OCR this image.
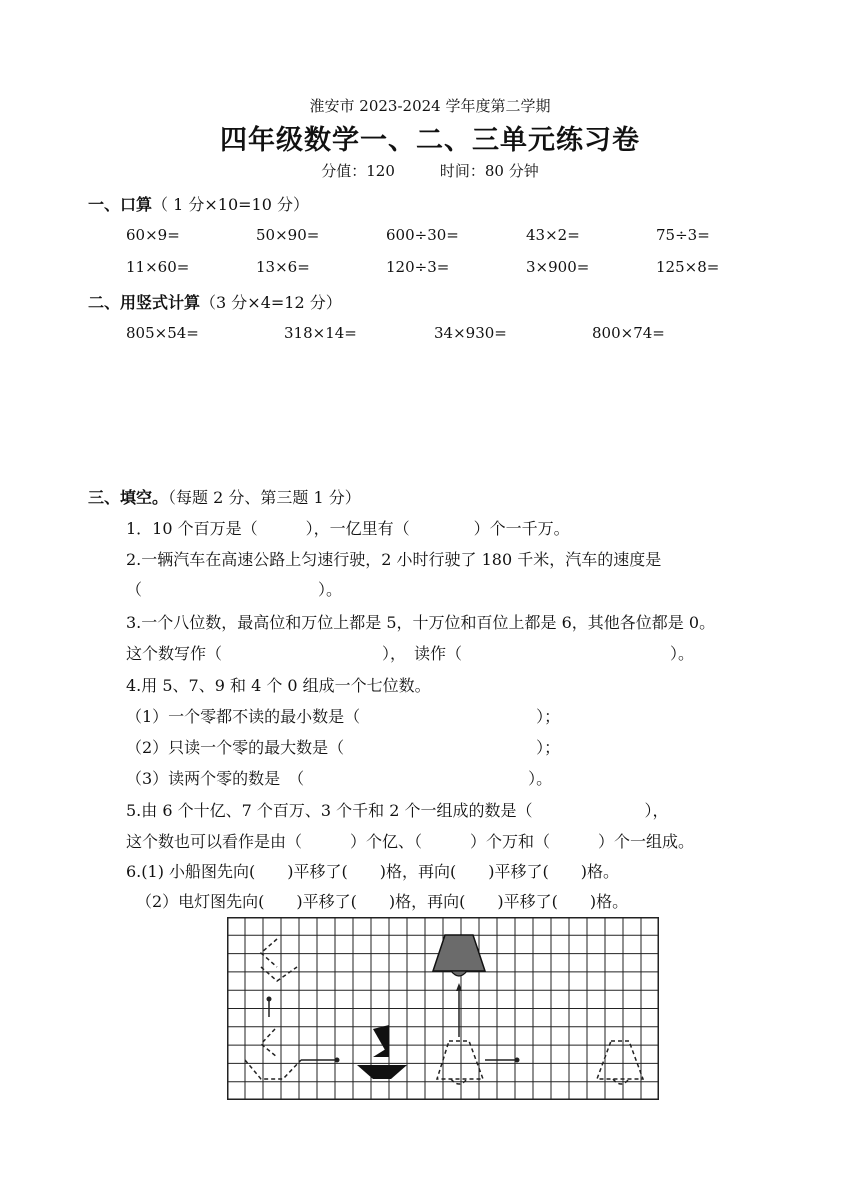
淮安市 2023-2024 学年度第二学期
四年级数学一、二、三单元练习卷
分值：120　　　时间：80 分钟
一、口算（ 1 分×10=10 分）
60×9=	50×90=	600÷30=	43×2=	75÷3=
11×60=	13×6=	120÷3=	3×900=	125×8=
二、用竖式计算（3 分×4=12 分）
805×54=	318×14=	34×930=	800×74=
三、填空。（每题 2 分、第三题 1 分）
1．10 个百万是（　　　），一亿里有（　　　　）个一千万。
2.一辆汽车在高速公路上匀速行驶，2 小时行驶了 180 千米，汽车的速度是
（　　　　　　　　　　　）。
3.一个八位数，最高位和万位上都是 5，十万位和百位上都是 6，其他各位都是 0。
这个数写作（　　　　　　　　　　），　读作（　　　　　　　　　　　　　）。
4.用 5、7、9 和 4 个 0 组成一个七位数。
（1）一个零都不读的最小数是（　　　　　　　　　　　）；
（2）只读一个零的最大数是（　　　　　　　　　　　　）；
（3）读两个零的数是　（　　　　　　　　　　　　　　）。
5.由 6 个十亿、7 个百万、3 个千和 2 个一组成的数是（　　　　　　　），
这个数也可以看作是由（　　　）个亿、（　　　）个万和（　　　）个一组成。
6.(1) 小船图先向(　　)平移了(　　)格，再向(　　)平移了(　　)格。
（2）电灯图先向(　　)平移了(　　)格，再向(　　)平移了(　　)格。
